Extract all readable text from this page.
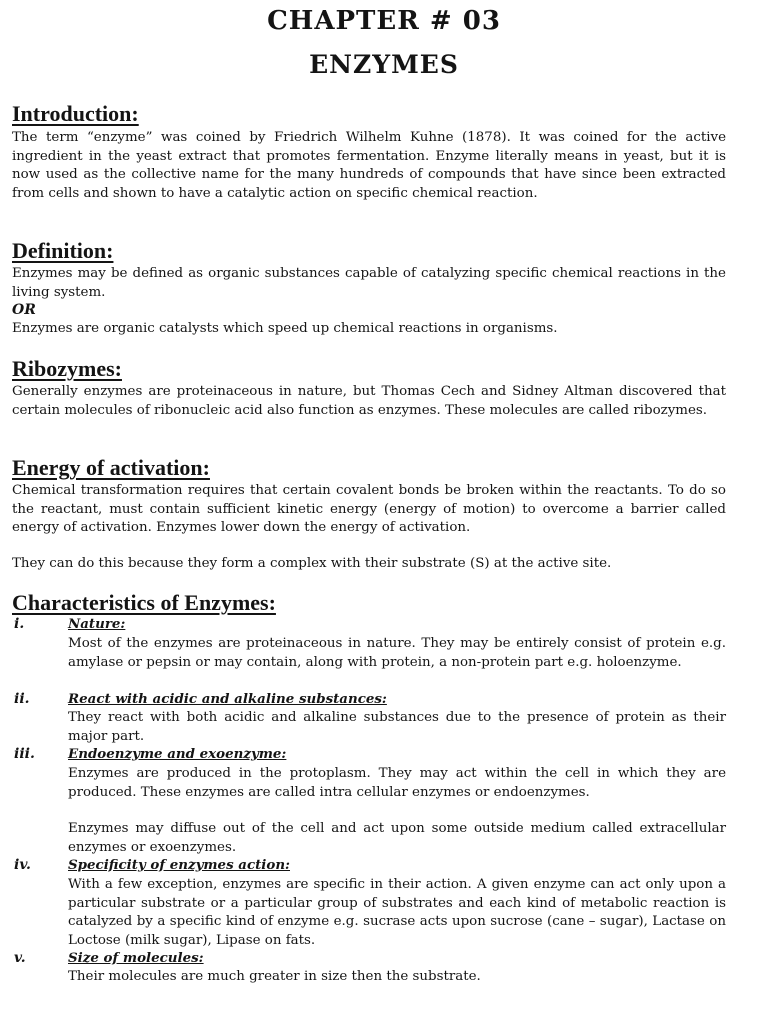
CHAPTER # 03
ENZYMES
Introduction:

The term “enzyme” was coined by Friedrich Wilhelm Kuhne (1878). It was coined for the active ingredient in the yeast extract that promotes fermentation. Enzyme literally means in yeast, but it is now used as the collective name for the many hundreds of compounds that have since been extracted from cells and shown to have a catalytic action on specific chemical reaction.

Definition:

Enzymes may be defined as organic substances capable of catalyzing specific chemical reactions in the living system.

OR
Enzymes are organic catalysts which speed up chemical reactions in organisms.
Ribozymes:

Generally enzymes are proteinaceous in nature, but Thomas Cech and Sidney Altman discovered that certain molecules of ribonucleic acid also function as enzymes. These molecules are called ribozymes.

Energy of activation:

Chemical transformation requires that certain covalent bonds be broken within the reactants. To do so the reactant, must contain sufficient kinetic energy (energy of motion) to overcome a barrier called energy of activation. Enzymes lower down the energy of activation.

They can do this because they form a complex with their substrate (S) at the active site.
Characteristics of Enzymes:
i.	Nature:

Most of the enzymes are proteinaceous in nature. They may be entirely consist of protein e.g. amylase or pepsin or may contain, along with protein, a non-protein part e.g. holoenzyme.

ii.	React with acidic and alkaline substances:

They react with both acidic and alkaline substances due to the presence of protein as their major part.

iii. Endoenzyme and exoenzyme:

Enzymes are produced in the protoplasm. They may act within the cell in which they are produced. These enzymes are called intra cellular enzymes or endoenzymes.

Enzymes may diffuse out of the cell and act upon some outside medium called extracellular enzymes or exoenzymes.

iv.	Specificity of enzymes action:

With a few exception, enzymes are specific in their action. A given enzyme can act only upon a particular substrate or a particular group of substrates and each kind of metabolic reaction is catalyzed by a specific kind of enzyme e.g. sucrase acts upon sucrose (cane – sugar), Lactase on Loctose (milk sugar), Lipase on fats.

v.	Size of molecules:
Their molecules are much greater in size then the substrate.
